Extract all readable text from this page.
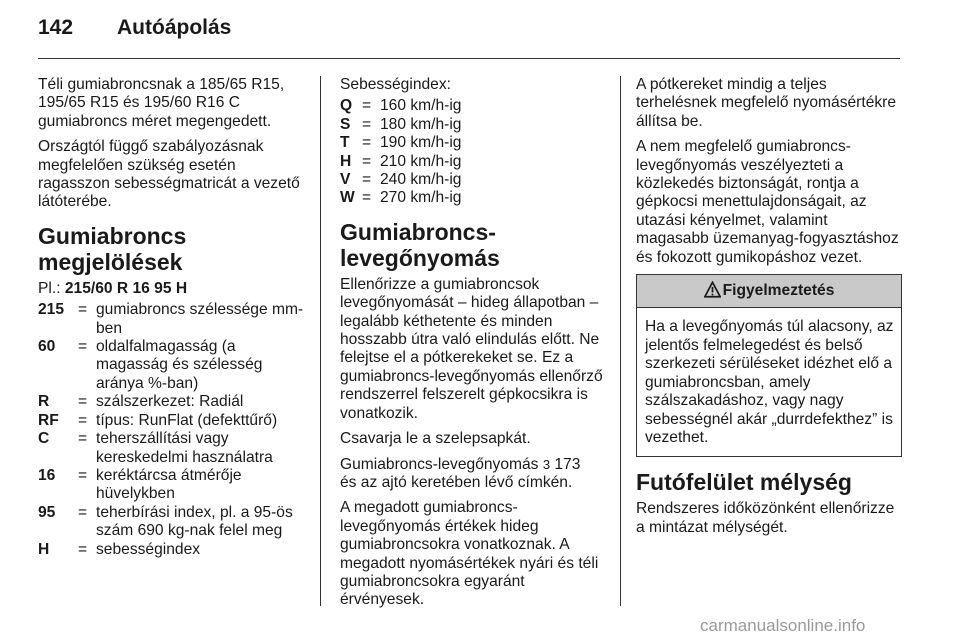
142 Autóápolás

Téli gumiabroncsnak a 185/65 R15, 195/65 R15 és 195/60 R16 C gumiabroncs méret megengedett.

Országtól függő szabályozásnak megfelelően szükség esetén ragasszon sebességmatricát a vezető látóterébe.

Gumiabroncs megjelölések

Pl.: 215/60 R 16 95 H

215 = gumiabroncs szélessége mm-ben
60	= oldalfalmagasság (a magasság és szélesség aránya %-ban)
R	= szálszerkezet: Radiál
RF	= típus: RunFlat (defekttűrő)
C	= teherszállítási vagy kereskedelmi használatra
16	= keréktárcsa átmérője hüvelykben
95	= teherbírási index, pl. a 95-ös szám 690 kg-nak felel meg
H	= sebességindex

Sebességindex:

Q = 160 km/h-ig
S = 180 km/h-ig
T = 190 km/h-ig
H = 210 km/h-ig
V = 240 km/h-ig
W = 270 km/h-ig
Gumiabroncs-levegőnyomás

Ellenőrizze a gumiabroncsok levegőnyomását – hideg állapotban – legalább kéthetente és minden hosszabb útra való elindulás előtt. Ne felejtse el a pótkerekeket se. Ez a gumiabroncs-levegőnyomás ellenőrző rendszerrel felszerelt gépkocsikra is vonatkozik.

Csavarja le a szelepsapkát.

Gumiabroncs-levegőnyomás 3 173
és az ajtó keretében lévő címkén.

A megadott gumiabroncs-levegőnyomás értékek hideg gumiabroncsokra vonatkoznak. A megadott nyomásértékek nyári és téli gumiabroncsokra egyaránt érvényesek.

A pótkereket mindig a teljes terhelésnek megfelelő nyomásértékre állítsa be.

A nem megfelelő gumiabroncs-levegőnyomás veszélyezteti a közlekedés biztonságát, rontja a gépkocsi menettulajdonságait, az utazási kényelmet, valamint magasabb üzemanyag-fogyasztáshoz és fokozott gumikopáshoz vezet.

Figyelmeztetés
Ha a levegőnyomás túl alacsony, az jelentős felmelegedést és belső szerkezeti sérüléseket idézhet elő a gumiabroncsban, amely szálszakadáshoz, vagy nagy sebességnél akár „durrdefekthez” is vezethet.
Futófelület mélység

Rendszeres időközönként ellenőrizze a mintázat mélységét.

carmanualsonline.info
